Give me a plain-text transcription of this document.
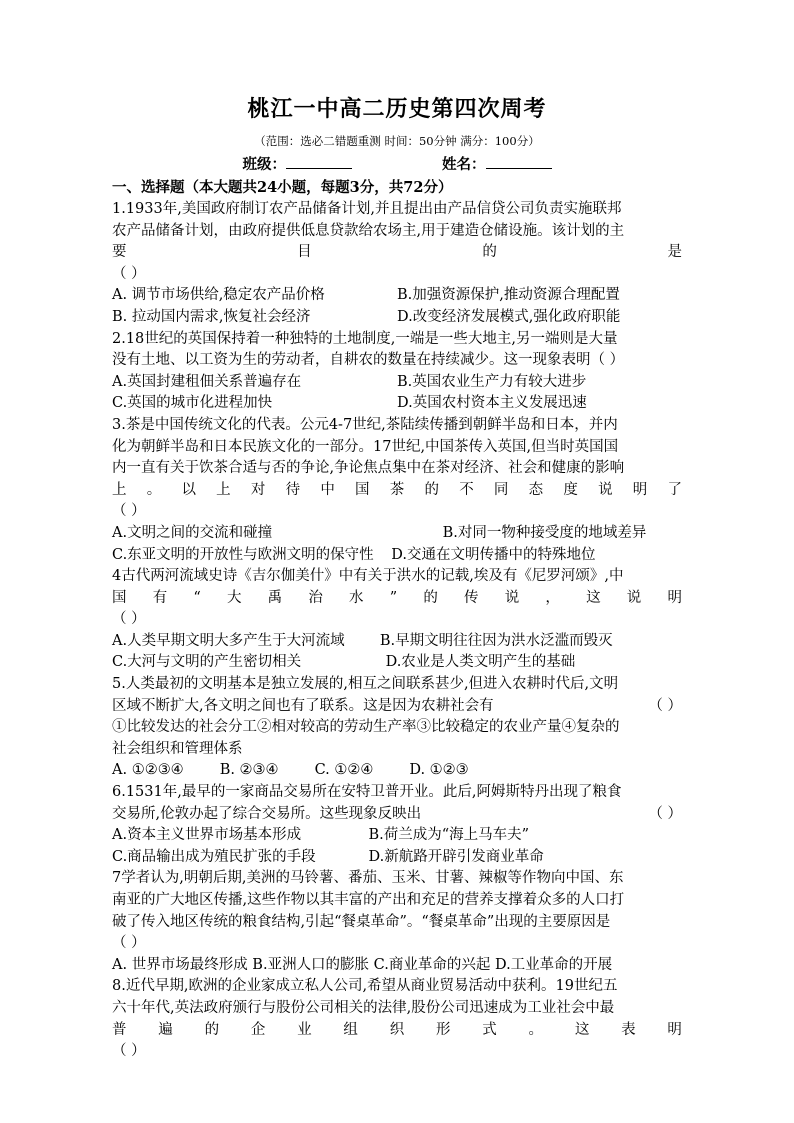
桃江一中高二历史第四次周考
（范围：选必二错题重测 时间：50分钟 满分：100分）
班级：	姓名：
一、选择题（本大题共24小题，每题3分，共72分）
1.1933年,美国政府制订农产品储备计划,并且提出由产品信贷公司负责实施联邦
农产品储备计划，由政府提供低息贷款给农场主,用于建造仓储设施。该计划的主
要	目	的	是
（ ）
A. 调节市场供给,稳定农产品价格	B.加强资源保护,推动资源合理配置
B. 拉动国内需求,恢复社会经济	D.改变经济发展模式,强化政府职能
2.18世纪的英国保持着一种独特的土地制度,一端是一些大地主,另一端则是大量
没有土地、以工资为生的劳动者，自耕农的数量在持续减少。这一现象表明（ ）
A.英国封建租佃关系普遍存在	B.英国农业生产力有较大进步
C.英国的城市化进程加快	D.英国农村资本主义发展迅速
3.茶是中国传统文化的代表。公元4-7世纪,茶陆续传播到朝鲜半岛和日本，并内
化为朝鲜半岛和日本民族文化的一部分。17世纪,中国茶传入英国,但当时英国国
内一直有关于饮茶合适与否的争论,争论焦点集中在茶对经济、社会和健康的影响
上 。 以 上 对 待 中 国 茶 的 不 同 态 度 说 明 了
（ ）
A.文明之间的交流和碰撞	B.对同一物种接受度的地域差异
C.东亚文明的开放性与欧洲文明的保守性	D.交通在文明传播中的特殊地位
4古代两河流域史诗《吉尔伽美什》中有关于洪水的记载,埃及有《尼罗河颂》,中
国 有 “ 大 禹 治 水 ” 的 传 说 ， 这 说 明
（ ）
A.人类早期文明大多产生于大河流域	B.早期文明往往因为洪水泛滥而毁灭
C.大河与文明的产生密切相关	D.农业是人类文明产生的基础
5.人类最初的文明基本是独立发展的,相互之间联系甚少,但进入农耕时代后,文明
区域不断扩大,各文明之间也有了联系。这是因为农耕社会有	（ ）
①比较发达的社会分工②相对较高的劳动生产率③比较稳定的农业产量④复杂的
社会组织和管理体系
A. ①②③④ B. ②③④ C. ①②④ D. ①②③
6.1531年,最早的一家商品交易所在安特卫普开业。此后,阿姆斯特丹出现了粮食
交易所,伦敦办起了综合交易所。这些现象反映出	（ ）
A.资本主义世界市场基本形成	B.荷兰成为“海上马车夫”
C.商品输出成为殖民扩张的手段	D.新航路开辟引发商业革命
7学者认为,明朝后期,美洲的马铃薯、番茄、玉米、甘薯、辣椒等作物向中国、东
南亚的广大地区传播,这些作物以其丰富的产出和充足的营养支撑着众多的人口打
破了传入地区传统的粮食结构,引起“餐桌革命”。“餐桌革命”出现的主要原因是
（ ）
A. 世界市场最终形成 B.亚洲人口的膨胀 C.商业革命的兴起 D.工业革命的开展
8.近代早期,欧洲的企业家成立私人公司,希望从商业贸易活动中获利。19世纪五
六十年代,英法政府颁行与股份公司相关的法律,股份公司迅速成为工业社会中最
普 遍 的 企 业 组 织 形 式 。 这 表 明
（ ）
